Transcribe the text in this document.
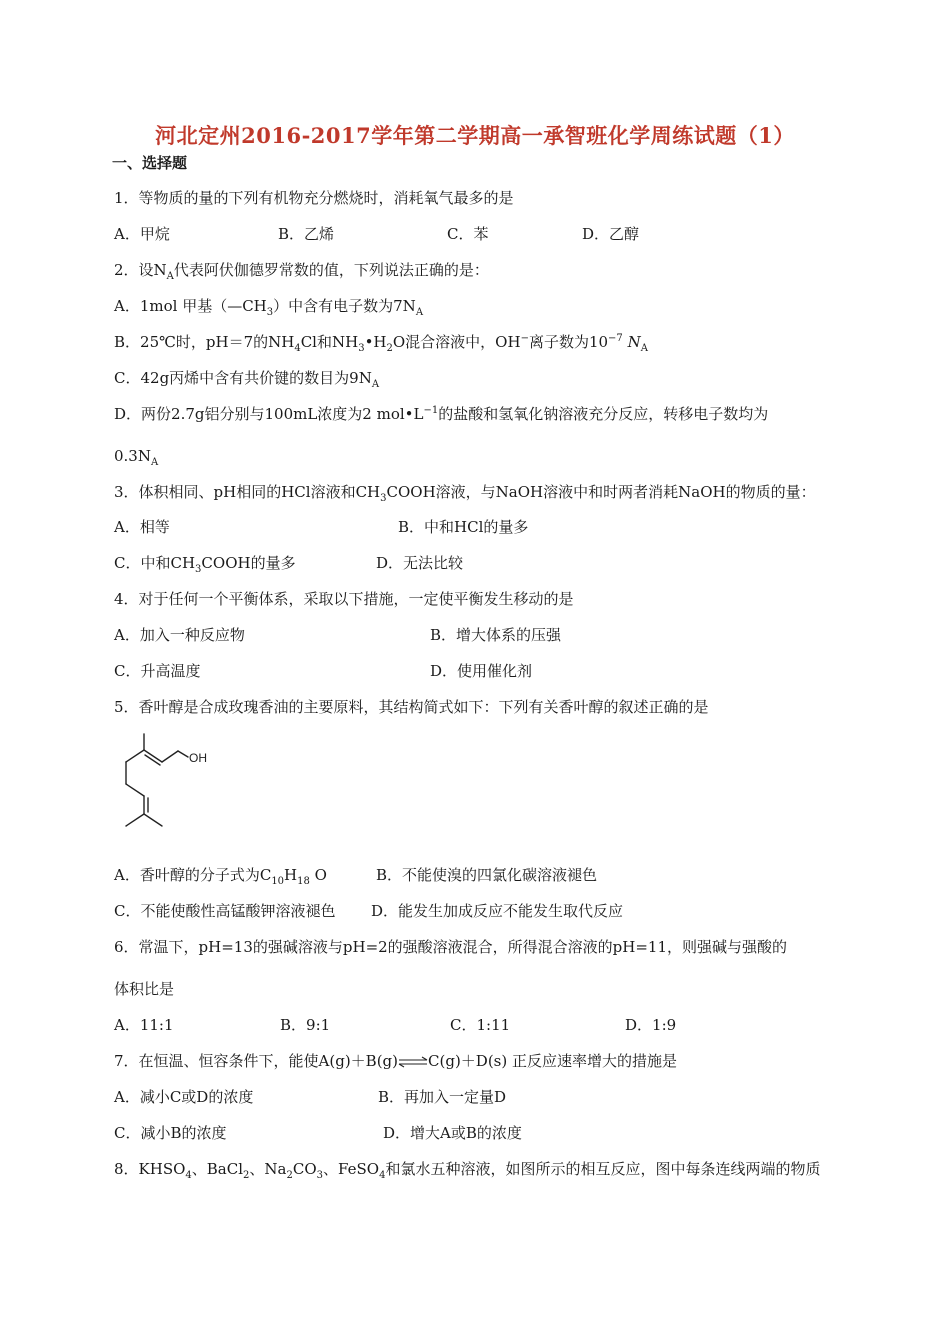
河北定州2016-2017学年第二学期高一承智班化学周练试题（1）
一、选择题
1．等物质的量的下列有机物充分燃烧时，消耗氧气最多的是
A．甲烷	B．乙烯	C．苯	D．乙醇
2．设$N_A$代表阿伏伽德罗常数的值，下列说法正确的是：
A．1mol 甲基$(—CH_3)$中含有电子数为$7N_A$
B．25℃时，pH＝7的$NH_4Cl$和$NH_3•H_2O$混合溶液中，OH−离子数为$10^{-7}$ $N_A$
C．42g丙烯中含有共价键的数目为$9N_A$
D．两份2.7g铝分别与100mL浓度为2 $mol•L^{-1}$的盐酸和氢氧化钠溶液充分反应，转移电子数均为
$0.3N_A$
3．体积相同、pH相同的HCl溶液和$CH_3COOH$溶液，与NaOH溶液中和时两者消耗NaOH的物质的量：
A．相等	B．中和HCl的量多
C．中和$CH_3COOH$的量多	D．无法比较
4．对于任何一个平衡体系，采取以下措施，一定使平衡发生移动的是
A．加入一种反应物	B．增大体系的压强
C．升高温度	D．使用催化剂
5．香叶醇是合成玫瑰香油的主要原料，其结构简式如下：下列有关香叶醇的叙述正确的是
OH
A．香叶醇的分子式为$C_{10}H_{18}$ O	B．不能使溴的四氯化碳溶液褪色
C．不能使酸性高锰酸钾溶液褪色 D．能发生加成反应不能发生取代反应
6．常温下，pH=13的强碱溶液与pH=2的强酸溶液混合，所得混合溶液的pH=11，则强碱与强酸的
体积比是
A．11:1	B．9:1	C．1:11	D．1:9
7．在恒温、恒容条件下，能使A(g)＋B(g)⇌C(g)＋D(s) 正反应速率增大的措施是
A．减小C或D的浓度	B．再加入一定量D
C．减小B的浓度	D．增大A或B的浓度
8．$KHSO_4$、BaCl$_2$、$Na_2CO_3$、FeSO$_4$和氯水五种溶液，如图所示的相互反应，图中每条连线两端的物质
